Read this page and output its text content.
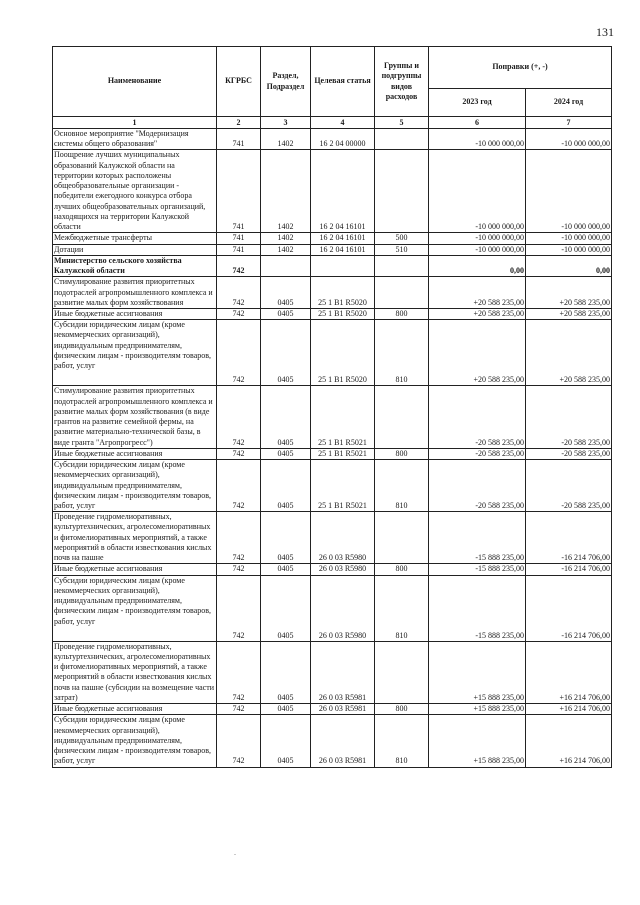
131
Наименование	КГРБС	Раздел, Подраздел	Целевая статья	Группы и подгруппы видов расходов	Поправки (+, -)	
					2023 год	2024 год
1	2	3	4	5	6	7
Основное мероприятие "Модернизация системы общего образования"	741	1402	16 2 04 00000		-10 000 000,00	-10 000 000,00
Поощрение лучших муниципальных образований Калужской области на территории которых расположены общеобразовательные организации - победители ежегодного конкурса отбора лучших общеобразовательных организаций, находящихся на территории Калужской области	741	1402	16 2 04 16101		-10 000 000,00	-10 000 000,00
Межбюджетные трансферты	741	1402	16 2 04 16101	500	-10 000 000,00	-10 000 000,00
Дотации	741	1402	16 2 04 16101	510	-10 000 000,00	-10 000 000,00
Министерство сельского хозяйства Калужской области	742				0,00	0,00
Стимулирование развития приоритетных подотраслей агропромышленного комплекса и развитие малых форм хозяйствования	742	0405	25 1 В1 R5020		+20 588 235,00	+20 588 235,00
Иные бюджетные ассигнования	742	0405	25 1 В1 R5020	800	+20 588 235,00	+20 588 235,00
Субсидии юридическим лицам (кроме некоммерческих организаций), индивидуальным предпринимателям, физическим лицам - производителям товаров, работ, услуг	742	0405	25 1 В1 R5020	810	+20 588 235,00	+20 588 235,00
Стимулирование развития приоритетных подотраслей агропромышленного комплекса и развитие малых форм хозяйствования (в виде грантов на развитие семейной фермы, на развитие материально-технической базы, в виде гранта "Агропрогресс")	742	0405	25 1 В1 R5021		-20 588 235,00	-20 588 235,00
Иные бюджетные ассигнования	742	0405	25 1 В1 R5021	800	-20 588 235,00	-20 588 235,00
Субсидии юридическим лицам (кроме некоммерческих организаций), индивидуальным предпринимателям, физическим лицам - производителям товаров, работ, услуг	742	0405	25 1 В1 R5021	810	-20 588 235,00	-20 588 235,00
Проведение гидромелиоративных, культуртехнических, агролесомелиоративных и фитомелиоративных мероприятий, а также мероприятий в области известкования кислых почв на пашне	742	0405	26 0 03 R5980		-15 888 235,00	-16 214 706,00
Иные бюджетные ассигнования	742	0405	26 0 03 R5980	800	-15 888 235,00	-16 214 706,00
Субсидии юридическим лицам (кроме некоммерческих организаций), индивидуальным предпринимателям, физическим лицам - производителям товаров, работ, услуг	742	0405	26 0 03 R5980	810	-15 888 235,00	-16 214 706,00
Проведение гидромелиоративных, культуртехнических, агролесомелиоративных и фитомелиоративных мероприятий, а также мероприятий в области известкования кислых почв на пашне (субсидии на возмещение части затрат)	742	0405	26 0 03 R5981		+15 888 235,00	+16 214 706,00
Иные бюджетные ассигнования	742	0405	26 0 03 R5981	800	+15 888 235,00	+16 214 706,00
Субсидии юридическим лицам (кроме некоммерческих организаций), индивидуальным предпринимателям, физическим лицам - производителям товаров, работ, услуг	742	0405	26 0 03 R5981	810	+15 888 235,00	+16 214 706,00
.
